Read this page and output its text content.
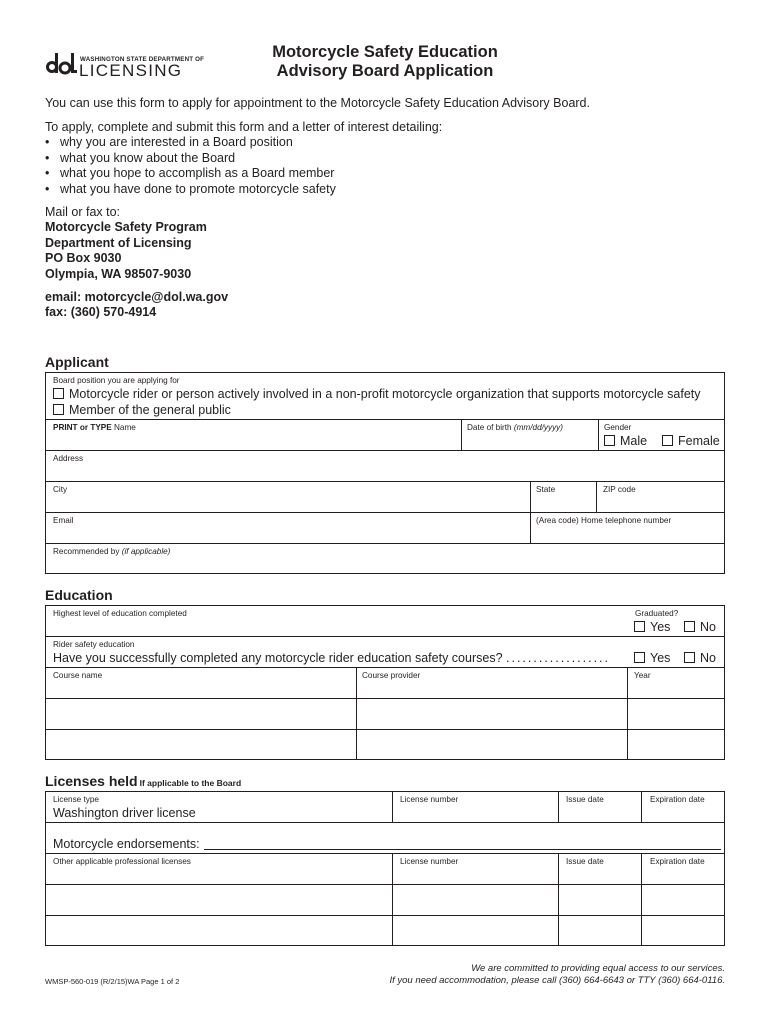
WASHINGTON STATE DEPARTMENT OF
LICENSING
Motorcycle Safety Education
Advisory Board Application
You can use this form to apply for appointment to the Motorcycle Safety Education Advisory Board.
To apply, complete and submit this form and a letter of interest detailing:
• why you are interested in a Board position
• what you know about the Board
• what you hope to accomplish as a Board member
• what you have done to promote motorcycle safety
Mail or fax to:
Motorcycle Safety Program
Department of Licensing
PO Box 9030
Olympia, WA 98507-9030
email: motorcycle@dol.wa.gov
fax: (360) 570-4914
Applicant
Board position you are applying for
Motorcycle rider or person actively involved in a non-profit motorcycle organization that supports motorcycle safety
Member of the general public
PRINT or TYPE Name	Date of birth (mm/dd/yyyy)	Gender
Male	Female
Address
City	State	ZIP code
Email	(Area code) Home telephone number
Recommended by (if applicable)
Education
Highest level of education completed	Graduated?
Yes	No
Rider safety education
Have you successfully completed any motorcycle rider education safety courses? ...................	Yes	No
Course name	Course provider	Year
Licenses held If applicable to the Board
License type	License number	Issue date	Expiration date
Washington driver license
Motorcycle endorsements:
Other applicable professional licenses	License number	Issue date	Expiration date
WMSP-560-019 (R/2/15)WA Page 1 of 2
We are committed to providing equal access to our services.
If you need accommodation, please call (360) 664-6643 or TTY (360) 664-0116.
